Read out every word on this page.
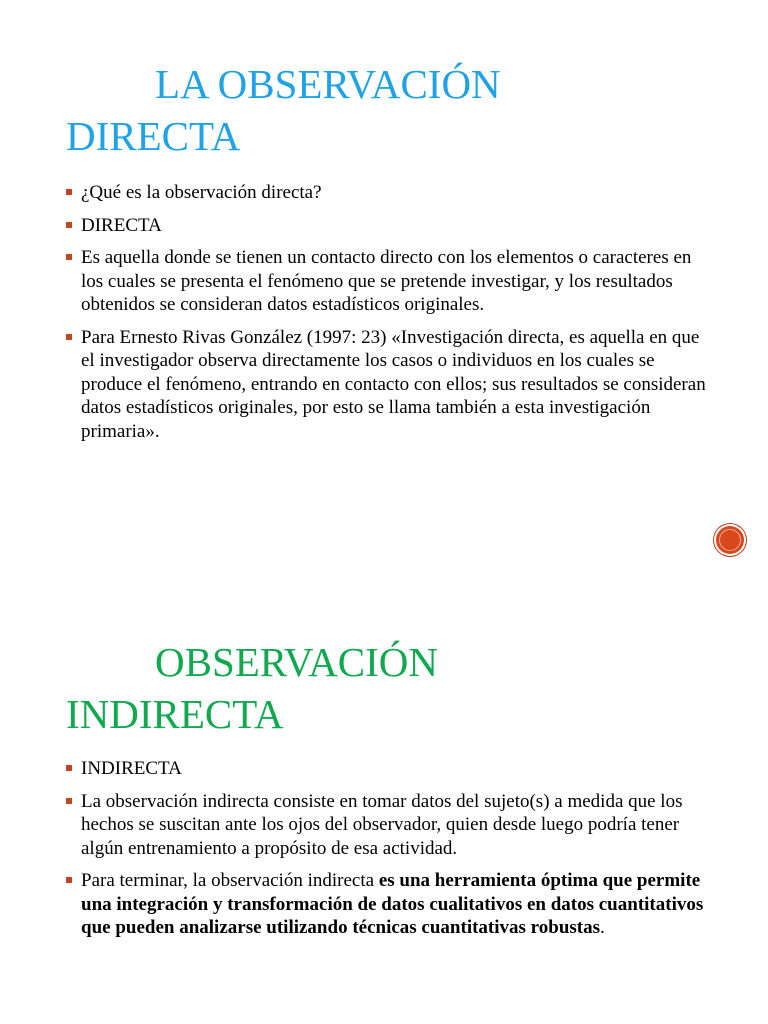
LA OBSERVACIÓN
DIRECTA
¿Qué es la observación directa?
DIRECTA
Es aquella donde se tienen un contacto directo con los elementos o caracteres en los cuales se presenta el fenómeno que se pretende investigar, y los resultados obtenidos se consideran datos estadísticos originales.
Para Ernesto Rivas González (1997: 23) «Investigación directa, es aquella en que el investigador observa directamente los casos o individuos en los cuales se produce el fenómeno, entrando en contacto con ellos; sus resultados se consideran datos estadísticos originales, por esto se llama también a esta investigación primaria».
OBSERVACIÓN
INDIRECTA
INDIRECTA
La observación indirecta consiste en tomar datos del sujeto(s) a medida que los hechos se suscitan ante los ojos del observador, quien desde luego podría tener algún entrenamiento a propósito de esa actividad.
Para terminar, la observación indirecta es una herramienta óptima que permite una integración y transformación de datos cualitativos en datos cuantitativos que pueden analizarse utilizando técnicas cuantitativas robustas.
